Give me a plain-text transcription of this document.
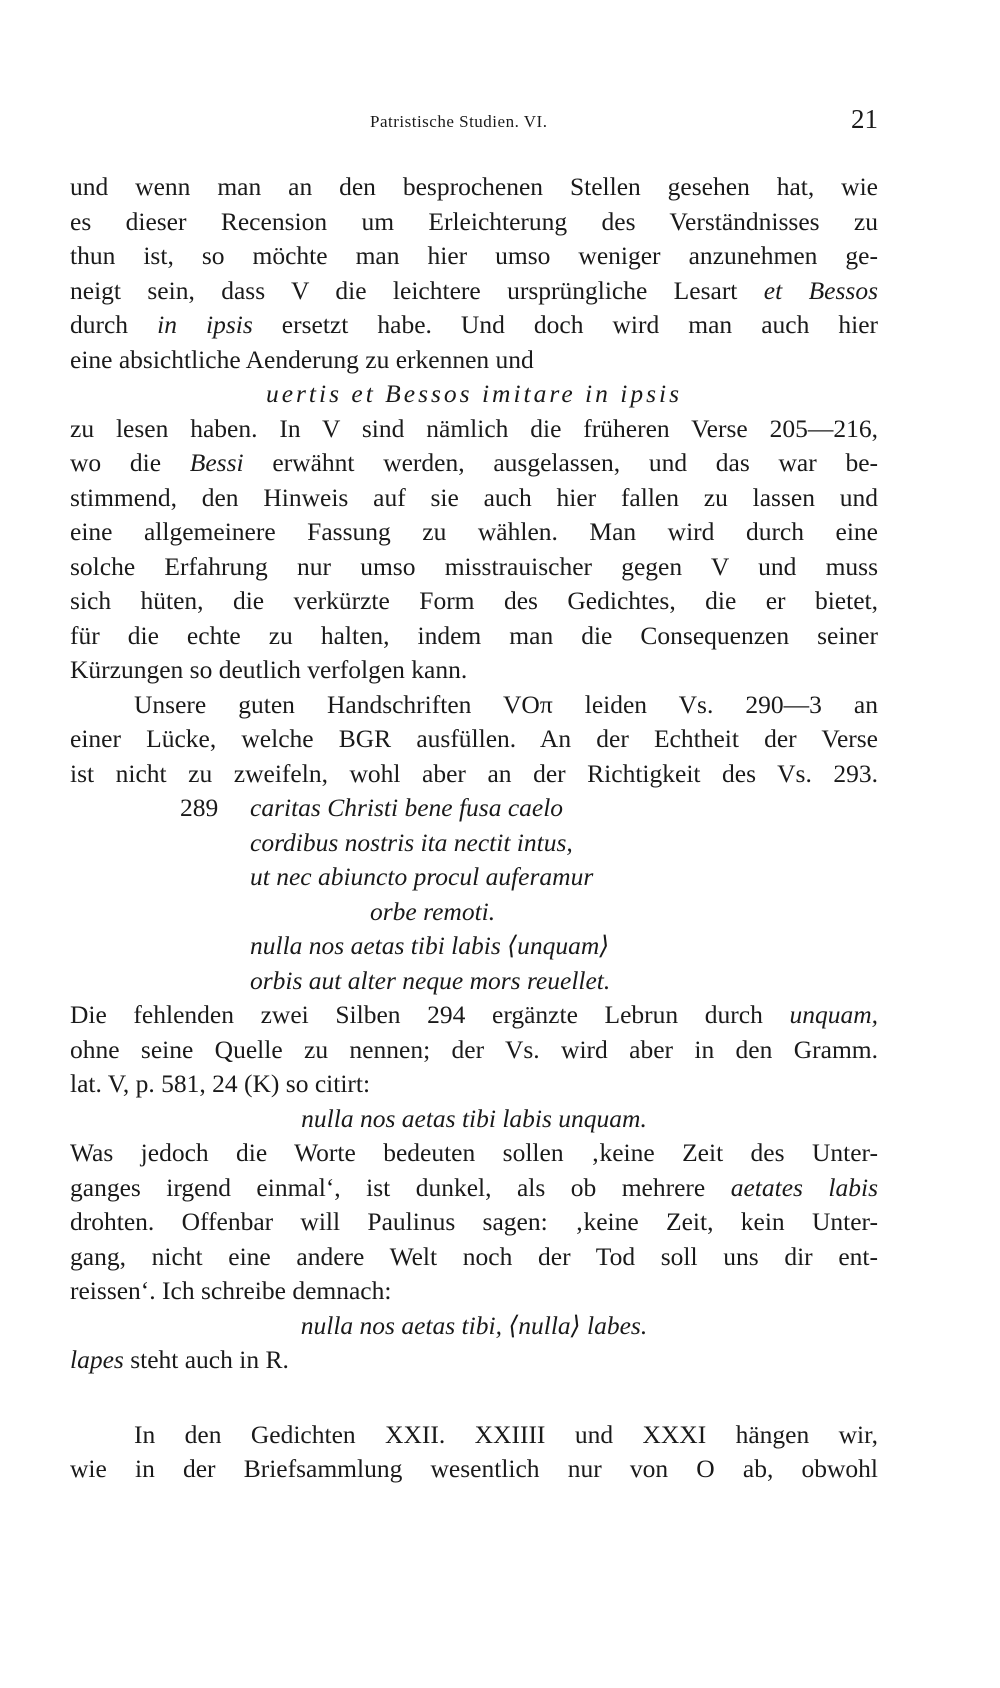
Patristische Studien. VI.	21
und wenn man an den besprochenen Stellen gesehen hat, wie
es dieser Recension um Erleichterung des Verständnisses zu
thun ist, so möchte man hier umso weniger anzunehmen ge-
neigt sein, dass V die leichtere ursprüngliche Lesart et Bessos
durch in ipsis ersetzt habe. Und doch wird man auch hier
eine absichtliche Aenderung zu erkennen und
uertis et Bessos imitare in ipsis
zu lesen haben. In V sind nämlich die früheren Verse 205—216,
wo die Bessi erwähnt werden, ausgelassen, und das war be-
stimmend, den Hinweis auf sie auch hier fallen zu lassen und
eine allgemeinere Fassung zu wählen. Man wird durch eine
solche Erfahrung nur umso misstrauischer gegen V und muss
sich hüten, die verkürzte Form des Gedichtes, die er bietet,
für die echte zu halten, indem man die Consequenzen seiner
Kürzungen so deutlich verfolgen kann.
Unsere guten Handschriften VOπ leiden Vs. 290—3 an
einer Lücke, welche BGR ausfüllen. An der Echtheit der Verse
ist nicht zu zweifeln, wohl aber an der Richtigkeit des Vs. 293.
289 caritas Christi bene fusa caelo
cordibus nostris ita nectit intus,
ut nec abiuncto procul auferamur
orbe remoti.
nulla nos aetas tibi labis ⟨unquam⟩
orbis aut alter neque mors reuellet.
Die fehlenden zwei Silben 294 ergänzte Lebrun durch unquam,
ohne seine Quelle zu nennen; der Vs. wird aber in den Gramm.
lat. V, p. 581, 24 (K) so citirt:
nulla nos aetas tibi labis unquam.
Was jedoch die Worte bedeuten sollen ‚keine Zeit des Unter-
ganges irgend einmal‘, ist dunkel, als ob mehrere aetates labis
drohten. Offenbar will Paulinus sagen: ‚keine Zeit, kein Unter-
gang, nicht eine andere Welt noch der Tod soll uns dir ent-
reissen‘. Ich schreibe demnach:
nulla nos aetas tibi, ⟨nulla⟩ labes.
lapes steht auch in R.
In den Gedichten XXII. XXIIII und XXXI hängen wir,
wie in der Briefsammlung wesentlich nur von O ab, obwohl
